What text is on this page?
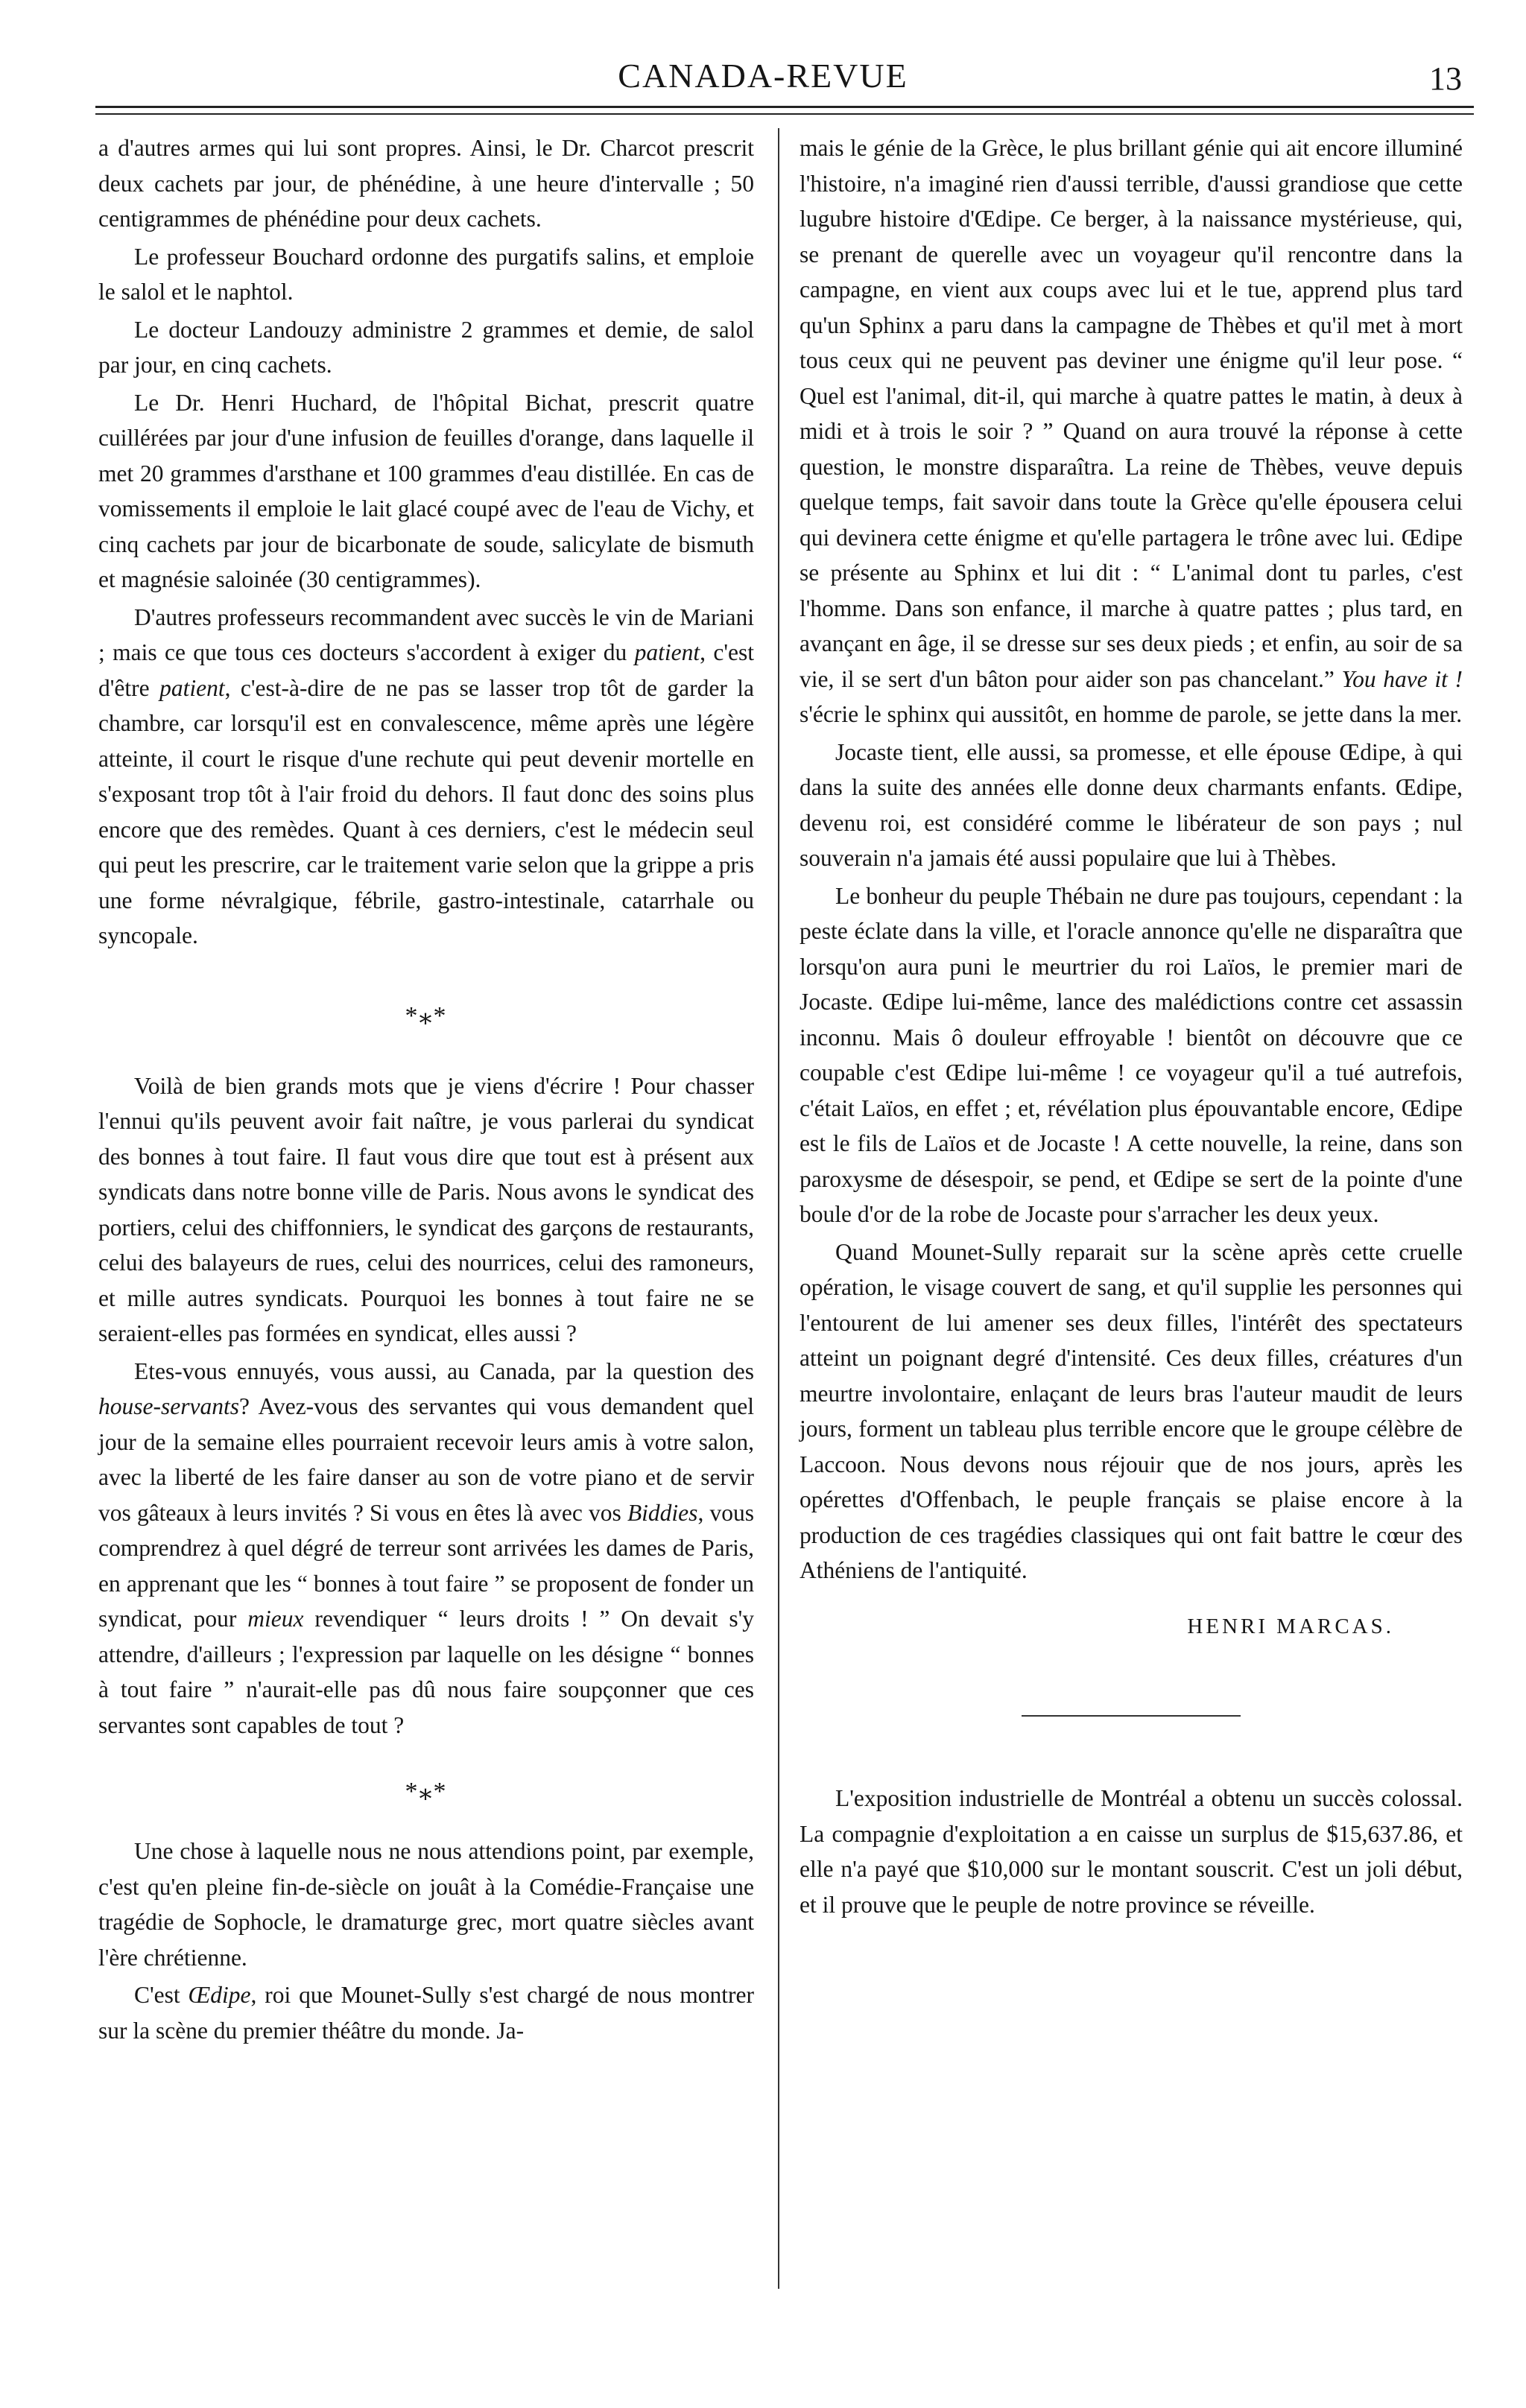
CANADA-REVUE	13

a d'autres armes qui lui sont propres. Ainsi, le Dr. Charcot prescrit deux cachets par jour, de phénédine, à une heure d'intervalle ; 50 centigrammes de phénédine pour deux cachets.

Le professeur Bouchard ordonne des purgatifs salins, et emploie le salol et le naphtol.

Le docteur Landouzy administre 2 grammes et demie, de salol par jour, en cinq cachets.

Le Dr. Henri Huchard, de l'hôpital Bichat, prescrit quatre cuillérées par jour d'une infusion de feuilles d'orange, dans laquelle il met 20 grammes d'arsthane et 100 grammes d'eau distillée. En cas de vomissements il emploie le lait glacé coupé avec de l'eau de Vichy, et cinq cachets par jour de bicarbonate de soude, salicylate de bismuth et magnésie saloinée (30 centigrammes).

D'autres professeurs recommandent avec succès le vin de Mariani ; mais ce que tous ces docteurs s'accordent à exiger du patient, c'est d'être patient, c'est-à-dire de ne pas se lasser trop tôt de garder la chambre, car lorsqu'il est en convalescence, même après une légère atteinte, il court le risque d'une rechute qui peut devenir mortelle en s'exposant trop tôt à l'air froid du dehors. Il faut donc des soins plus encore que des remèdes. Quant à ces derniers, c'est le médecin seul qui peut les prescrire, car le traitement varie selon que la grippe a pris une forme névralgique, fébrile, gastro-intestinale, catarrhale ou syncopale.

*⁎*

Voilà de bien grands mots que je viens d'écrire ! Pour chasser l'ennui qu'ils peuvent avoir fait naître, je vous parlerai du syndicat des bonnes à tout faire. Il faut vous dire que tout est à présent aux syndicats dans notre bonne ville de Paris. Nous avons le syndicat des portiers, celui des chiffonniers, le syndicat des garçons de restaurants, celui des balayeurs de rues, celui des nourrices, celui des ramoneurs, et mille autres syndicats. Pourquoi les bonnes à tout faire ne se seraient-elles pas formées en syndicat, elles aussi ?

Etes-vous ennuyés, vous aussi, au Canada, par la question des house-servants? Avez-vous des servantes qui vous demandent quel jour de la semaine elles pourraient recevoir leurs amis à votre salon, avec la liberté de les faire danser au son de votre piano et de servir vos gâteaux à leurs invités ? Si vous en êtes là avec vos Biddies, vous comprendrez à quel dégré de terreur sont arrivées les dames de Paris, en apprenant que les “ bonnes à tout faire ” se proposent de fonder un syndicat, pour mieux revendiquer “ leurs droits ! ” On devait s'y attendre, d'ailleurs ; l'expression par laquelle on les désigne “ bonnes à tout faire ” n'aurait-elle pas dû nous faire soupçonner que ces servantes sont capables de tout ?

*⁎*

Une chose à laquelle nous ne nous attendions point, par exemple, c'est qu'en pleine fin-de-siècle on jouât à la Comédie-Française une tragédie de Sophocle, le dramaturge grec, mort quatre siècles avant l'ère chrétienne.

C'est Œdipe, roi que Mounet-Sully s'est chargé de nous montrer sur la scène du premier théâtre du monde. Ja-

mais le génie de la Grèce, le plus brillant génie qui ait encore illuminé l'histoire, n'a imaginé rien d'aussi terrible, d'aussi grandiose que cette lugubre histoire d'Œdipe. Ce berger, à la naissance mystérieuse, qui, se prenant de querelle avec un voyageur qu'il rencontre dans la campagne, en vient aux coups avec lui et le tue, apprend plus tard qu'un Sphinx a paru dans la campagne de Thèbes et qu'il met à mort tous ceux qui ne peuvent pas deviner une énigme qu'il leur pose. “ Quel est l'animal, dit-il, qui marche à quatre pattes le matin, à deux à midi et à trois le soir ? ” Quand on aura trouvé la réponse à cette question, le monstre disparaîtra. La reine de Thèbes, veuve depuis quelque temps, fait savoir dans toute la Grèce qu'elle épousera celui qui devinera cette énigme et qu'elle partagera le trône avec lui. Œdipe se présente au Sphinx et lui dit : “ L'animal dont tu parles, c'est l'homme. Dans son enfance, il marche à quatre pattes ; plus tard, en avançant en âge, il se dresse sur ses deux pieds ; et enfin, au soir de sa vie, il se sert d'un bâton pour aider son pas chancelant.” You have it ! s'écrie le sphinx qui aussitôt, en homme de parole, se jette dans la mer.

Jocaste tient, elle aussi, sa promesse, et elle épouse Œdipe, à qui dans la suite des années elle donne deux charmants enfants. Œdipe, devenu roi, est considéré comme le libérateur de son pays ; nul souverain n'a jamais été aussi populaire que lui à Thèbes.

Le bonheur du peuple Thébain ne dure pas toujours, cependant : la peste éclate dans la ville, et l'oracle annonce qu'elle ne disparaîtra que lorsqu'on aura puni le meurtrier du roi Laïos, le premier mari de Jocaste. Œdipe lui-même, lance des malédictions contre cet assassin inconnu. Mais ô douleur effroyable ! bientôt on découvre que ce coupable c'est Œdipe lui-même ! ce voyageur qu'il a tué autrefois, c'était Laïos, en effet ; et, révélation plus épouvantable encore, Œdipe est le fils de Laïos et de Jocaste ! A cette nouvelle, la reine, dans son paroxysme de désespoir, se pend, et Œdipe se sert de la pointe d'une boule d'or de la robe de Jocaste pour s'arracher les deux yeux.

Quand Mounet-Sully reparait sur la scène après cette cruelle opération, le visage couvert de sang, et qu'il supplie les personnes qui l'entourent de lui amener ses deux filles, l'intérêt des spectateurs atteint un poignant degré d'intensité. Ces deux filles, créatures d'un meurtre involontaire, enlaçant de leurs bras l'auteur maudit de leurs jours, forment un tableau plus terrible encore que le groupe célèbre de Laccoon. Nous devons nous réjouir que de nos jours, après les opérettes d'Offenbach, le peuple français se plaise encore à la production de ces tragédies classiques qui ont fait battre le cœur des Athéniens de l'antiquité.

HENRI MARCAS.

L'exposition industrielle de Montréal a obtenu un succès colossal. La compagnie d'exploitation a en caisse un surplus de $15,637.86, et elle n'a payé que $10,000 sur le montant souscrit. C'est un joli début, et il prouve que le peuple de notre province se réveille.
